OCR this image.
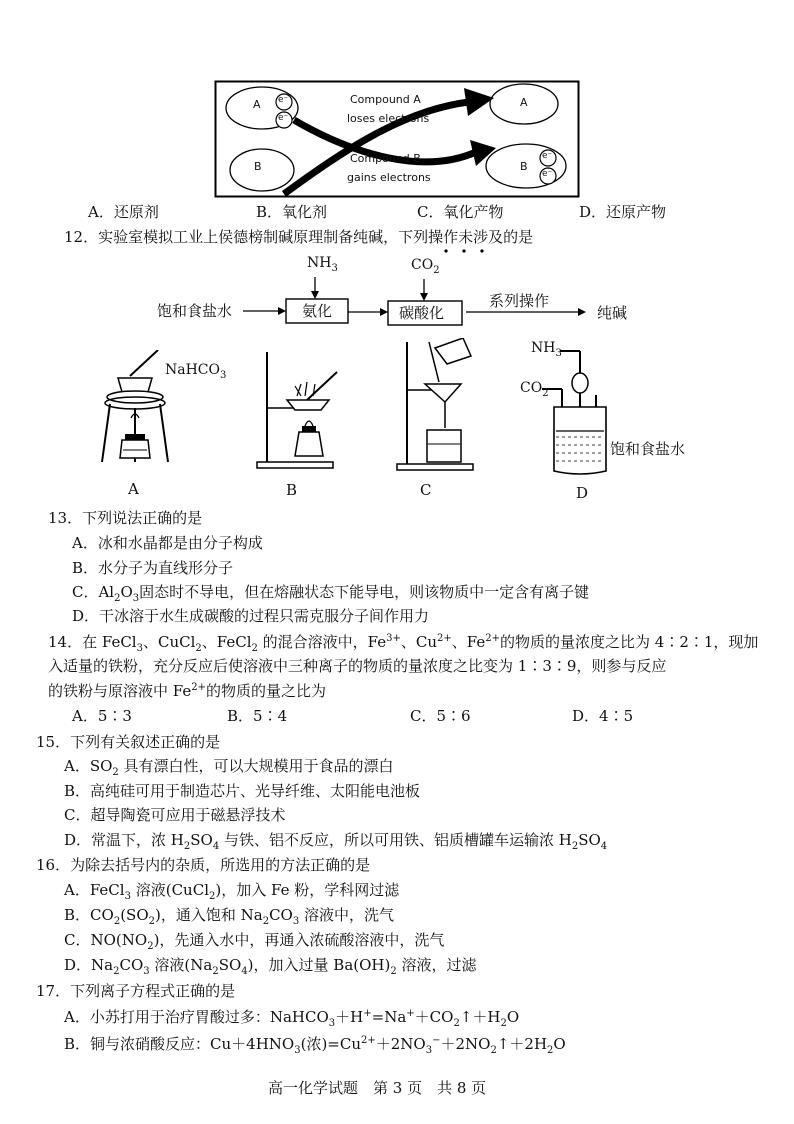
A
B
A
B
e⁻
e⁻
e⁻
e⁻
Compound A
loses electrons
Compound B
gains electrons
A．还原剂	B．氧化剂	C．氧化产物	D．还原产物
12．实验室模拟工业上侯德榜制碱原理制备纯碱，下列操作未涉及的是
$NH_3$	$CO_2$
饱和食盐水	氨化	碳酸化
系列操作
纯碱
NaHCO$_3$
$NH_3$
$CO_2$
饱和食盐水
A	B	C	D
13．下列说法正确的是
A．冰和水晶都是由分子构成
B．水分子为直线形分子
C．$Al_2O_3$固态时不导电，但在熔融状态下能导电，则该物质中一定含有离子键
D．干冰溶于水生成碳酸的过程只需克服分子间作用力
14．在 FeCl$_3$、CuCl$_2$、FeCl$_2$ 的混合溶液中，$Fe^{3+}$、$Cu^{2+}$、$Fe^{2+}$的物质的量浓度之比为 4∶2∶1，现加
入适量的铁粉，充分反应后使溶液中三种离子的物质的量浓度之比变为 1∶3∶9，则参与反应
的铁粉与原溶液中 $Fe^{2+}$的物质的量之比为
A．5∶3	B．5∶4	C．5∶6	D．4∶5
15．下列有关叙述正确的是
A．$SO_2$ 具有漂白性，可以大规模用于食品的漂白
B．高纯硅可用于制造芯片、光导纤维、太阳能电池板
C．超导陶瓷可应用于磁悬浮技术
D．常温下，浓 $H_2SO_4$ 与铁、铝不反应，所以可用铁、铝质槽罐车运输浓 $H_2SO_4$
16．为除去括号内的杂质，所选用的方法正确的是
A．FeCl$_3$ 溶液(CuCl$_2$)，加入 Fe 粉，学科网过滤
B．$CO_2(SO_2)$，通入饱和 $Na_2CO_3$ 溶液中，洗气
C．$NO(NO_2)$，先通入水中，再通入浓硫酸溶液中，洗气
D．$Na_2CO_3$ 溶液$(Na_2SO_4)$，加入过量 $Ba(OH)_2$ 溶液，过滤
17．下列离子方程式正确的是
A．小苏打用于治疗胃酸过多：$NaHCO_3+H^+=Na^++CO_2↑+H_2O$
B．铜与浓硝酸反应：$Cu+4HNO_3$(浓)$=Cu^{2+}+2NO_3^-+2NO_2↑+2H_2O$
高一化学试题　第 3 页　共 8 页
